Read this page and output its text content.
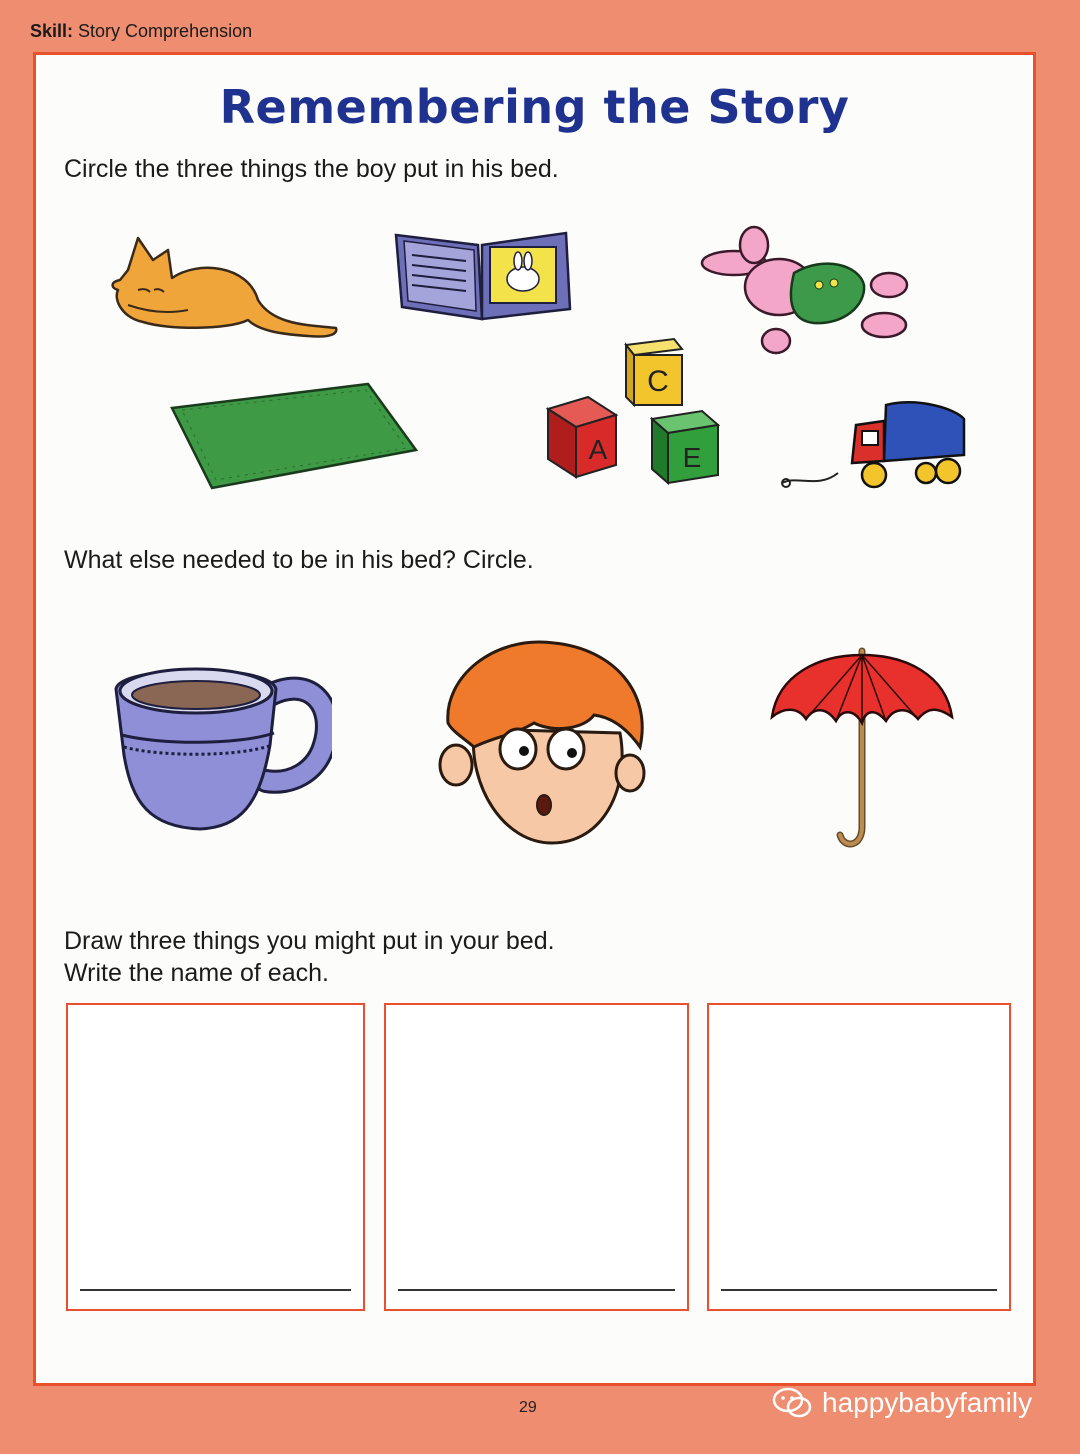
Skill: Story Comprehension
Remembering the Story
Circle the three things the boy put in his bed.
C
A	E
What else needed to be in his bed? Circle.
Draw three things you might put in your bed.
Write the name of each.
29	happybabyfamily
